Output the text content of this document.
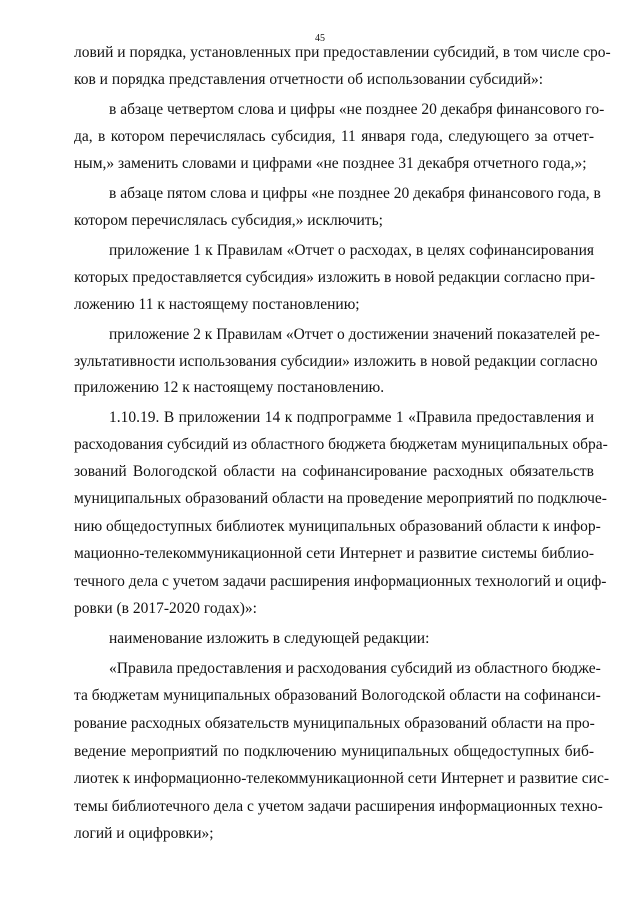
45
ловий и порядка, установленных при предоставлении субсидий, в том числе сро-
ков и порядка представления отчетности об использовании субсидий»:
в абзаце четвертом слова и цифры «не позднее 20 декабря финансового го-
да, в котором перечислялась субсидия, 11 января года, следующего за отчет-
ным,» заменить словами и цифрами «не позднее 31 декабря отчетного года,»;
в абзаце пятом слова и цифры «не позднее 20 декабря финансового года, в
котором перечислялась субсидия,» исключить;
приложение 1 к Правилам «Отчет о расходах, в целях софинансирования
которых предоставляется субсидия» изложить в новой редакции согласно при-
ложению 11 к настоящему постановлению;
приложение 2 к Правилам «Отчет о достижении значений показателей ре-
зультативности использования субсидии» изложить в новой редакции согласно
приложению 12 к настоящему постановлению.
1.10.19. В приложении 14 к подпрограмме 1 «Правила предоставления и
расходования субсидий из областного бюджета бюджетам муниципальных обра-
зований Вологодской области на софинансирование расходных обязательств
муниципальных образований области на проведение мероприятий по подключе-
нию общедоступных библиотек муниципальных образований области к инфор-
мационно-телекоммуникационной сети Интернет и развитие системы библио-
течного дела с учетом задачи расширения информационных технологий и оциф-
ровки (в 2017-2020 годах)»:
наименование изложить в следующей редакции:
«Правила предоставления и расходования субсидий из областного бюдже-
та бюджетам муниципальных образований Вологодской области на софинанси-
рование расходных обязательств муниципальных образований области на про-
ведение мероприятий по подключению муниципальных общедоступных биб-
лиотек к информационно-телекоммуникационной сети Интернет и развитие сис-
темы библиотечного дела с учетом задачи расширения информационных техно-
логий и оцифровки»;
